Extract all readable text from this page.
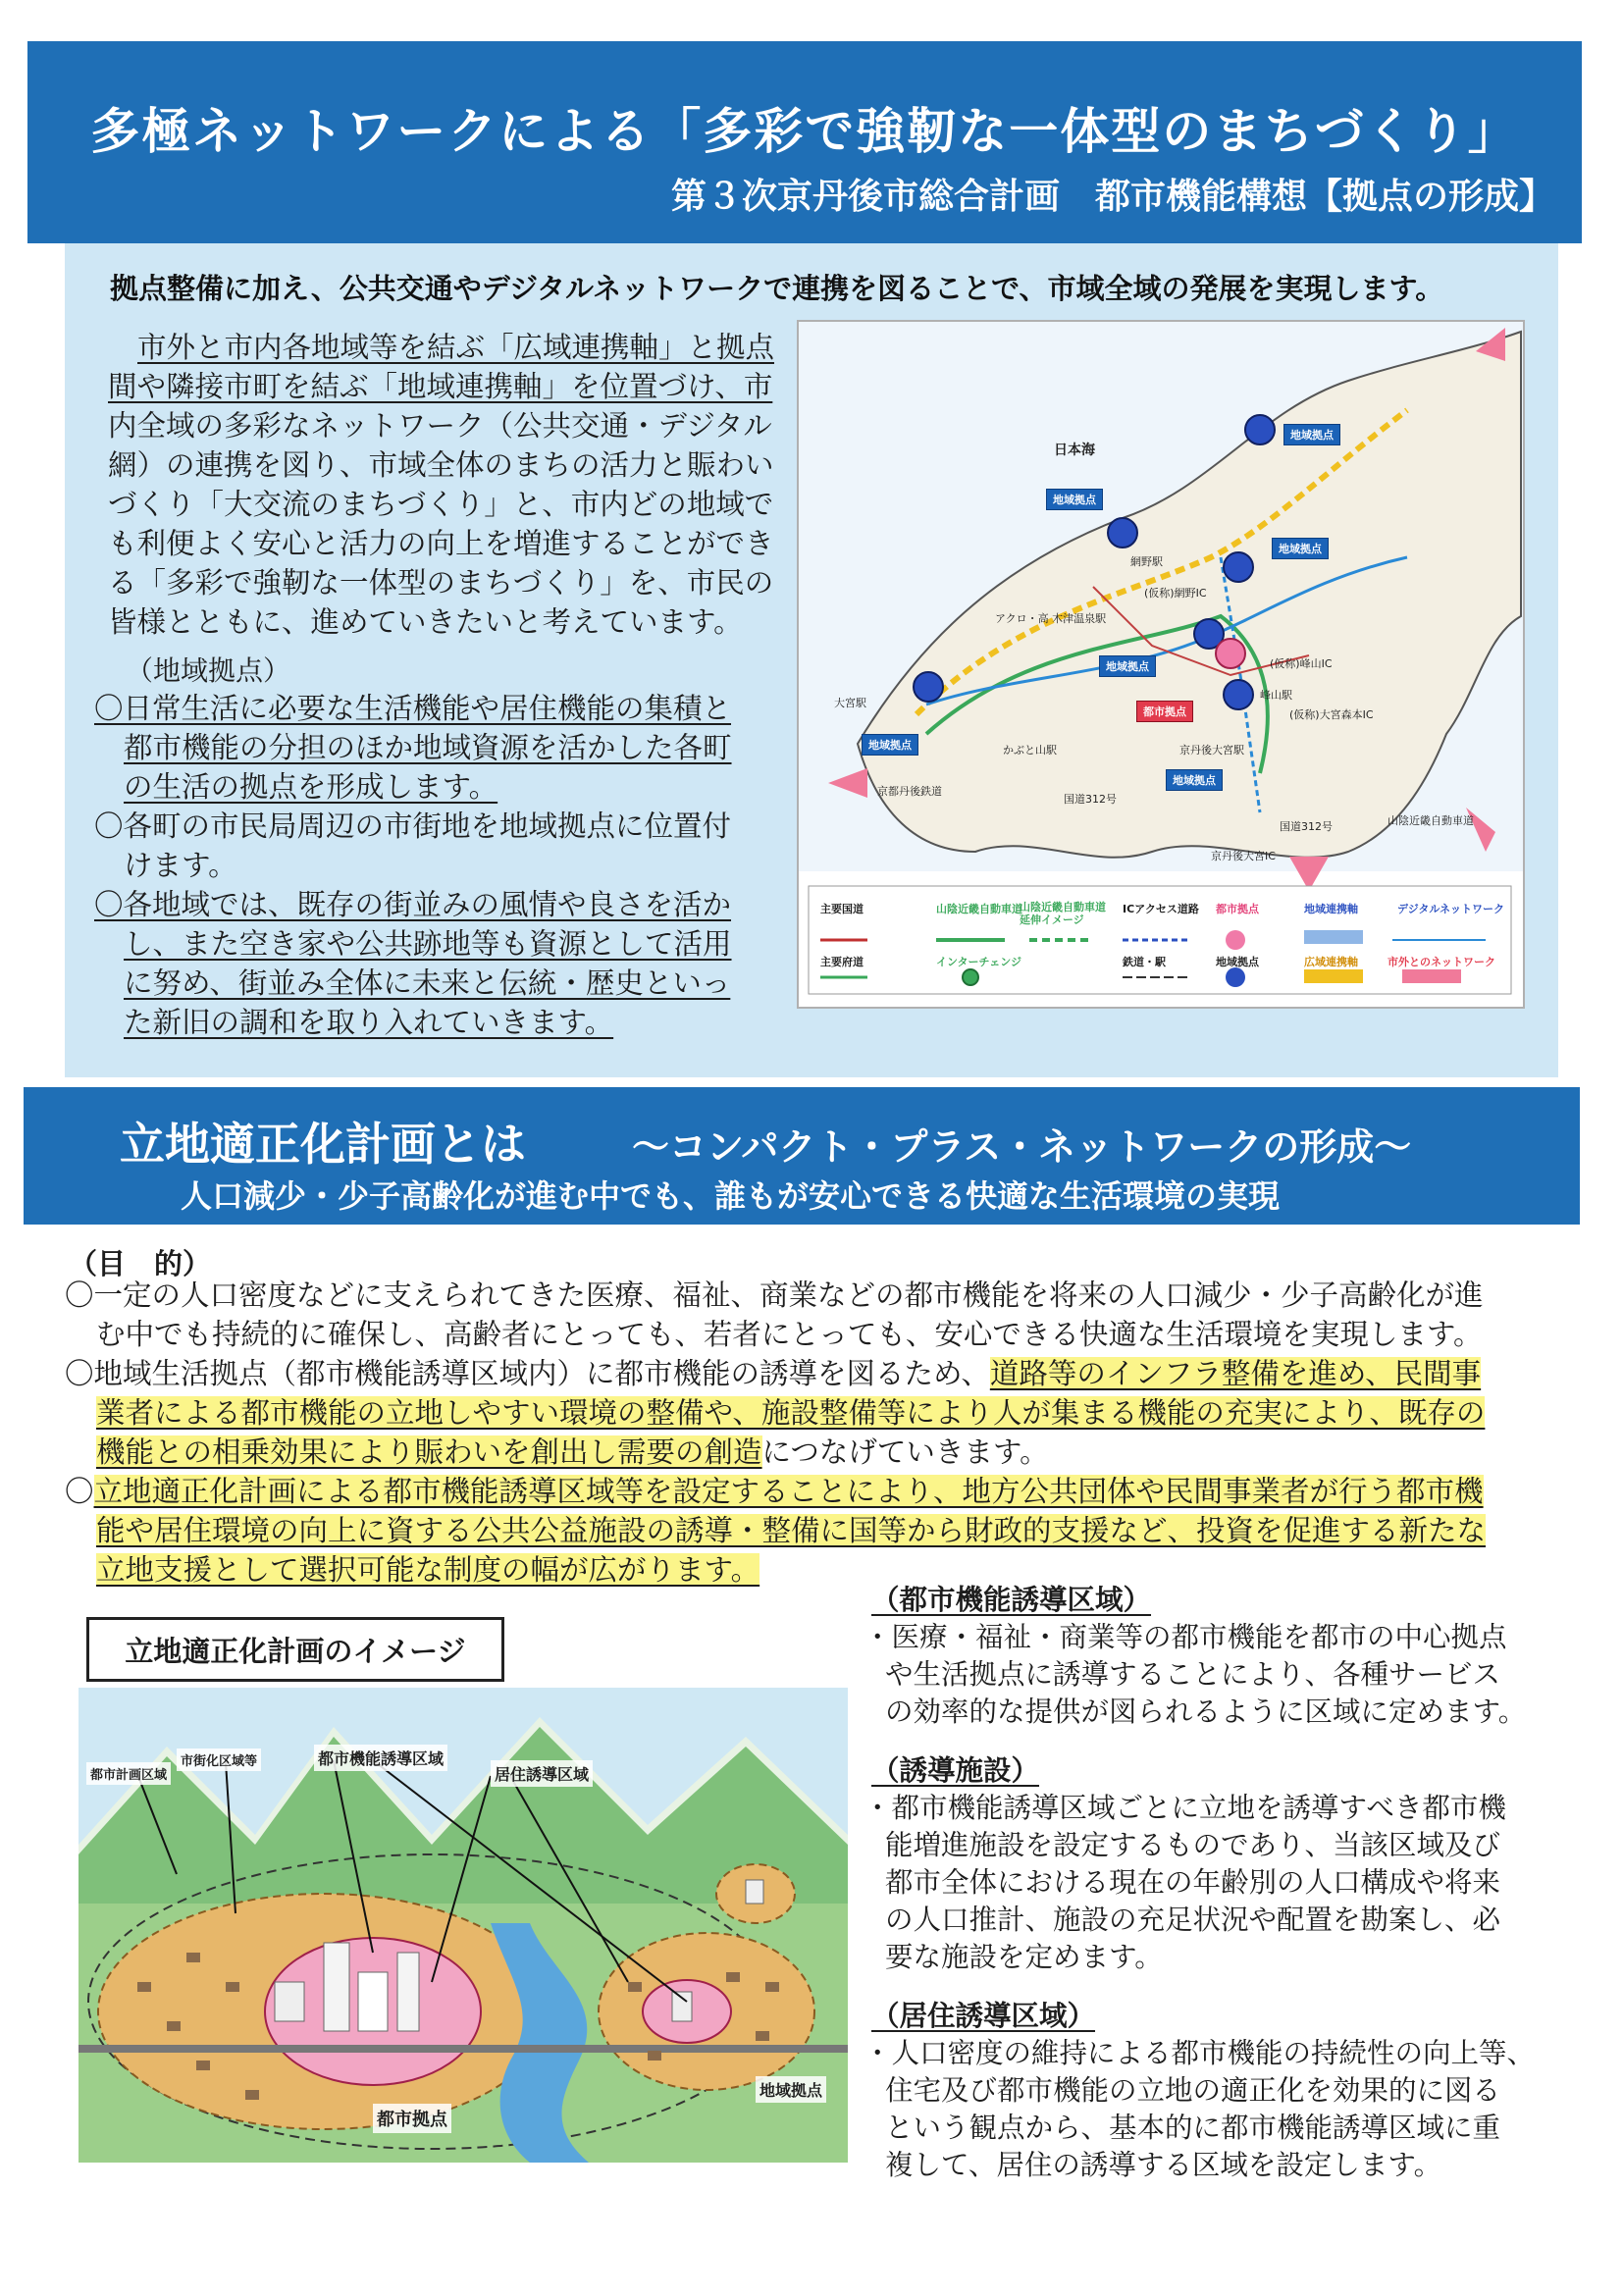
多極ネットワークによる「多彩で強靭な一体型のまちづくり」
第３次京丹後市総合計画　都市機能構想【拠点の形成】
拠点整備に加え、公共交通やデジタルネットワークで連携を図ることで、市域全域の発展を実現します。
市外と市内各地域等を結ぶ「広域連携軸」と拠点
間や隣接市町を結ぶ「地域連携軸」を位置づけ、市
内全域の多彩なネットワーク（公共交通・デジタル
網）の連携を図り、市域全体のまちの活力と賑わい
づくり「大交流のまちづくり」と、市内どの地域で
も利便よく安心と活力の向上を増進することができ
る「多彩で強靭な一体型のまちづくり」を、市民の
皆様とともに、進めていきたいと考えています。
（地域拠点）
〇日常生活に必要な生活機能や居住機能の集積と
都市機能の分担のほか地域資源を活かした各町
の生活の拠点を形成します。
〇各町の市民局周辺の市街地を地域拠点に位置付
けます。
〇各地域では、既存の街並みの風情や良さを活か
し、また空き家や公共跡地等も資源として活用
に努め、街並み全体に未来と伝統・歴史といっ
た新旧の調和を取り入れていきます。
日本海
地域拠点
地域拠点
地域拠点
地域拠点
地域拠点
地域拠点
都市拠点
網野駅
(仮称)網野IC
(仮称)峰山IC
峰山駅
(仮称)大宮森本IC
京丹後大宮駅
かぶと山駅
大宮駅
京都丹後鉄道
アクロ・高 木津温泉駅
国道312号
国道312号	山陰近畿自動車道
京丹後大宮IC
主要国道	山陰近畿自動車道
山陰近畿自動車道 延伸イメージ
ICアクセス道路 都市拠点	地域連携軸	デジタルネットワーク
主要府道	インターチェンジ	鉄道・駅	地域拠点	広域連携軸	市外とのネットワーク
立地適正化計画とは	～コンパクト・プラス・ネットワークの形成～
人口減少・少子高齢化が進む中でも、誰もが安心できる快適な生活環境の実現
（目　的）
〇一定の人口密度などに支えられてきた医療、福祉、商業などの都市機能を将来の人口減少・少子高齢化が進
む中でも持続的に確保し、高齢者にとっても、若者にとっても、安心できる快適な生活環境を実現します。
〇地域生活拠点（都市機能誘導区域内）に都市機能の誘導を図るため、道路等のインフラ整備を進め、民間事
業者による都市機能の立地しやすい環境の整備や、施設整備等により人が集まる機能の充実により、既存の
機能との相乗効果により賑わいを創出し需要の創造につなげていきます。
〇立地適正化計画による都市機能誘導区域等を設定することにより、地方公共団体や民間事業者が行う都市機
能や居住環境の向上に資する公共公益施設の誘導・整備に国等から財政的支援など、投資を促進する新たな
立地支援として選択可能な制度の幅が広がります。
立地適正化計画のイメージ
都市計画区域
市街化区域等	都市機能誘導区域
居住誘導区域
都市拠点
地域拠点
（都市機能誘導区域）
・医療・福祉・商業等の都市機能を都市の中心拠点
や生活拠点に誘導することにより、各種サービス
の効率的な提供が図られるように区域に定めます。
（誘導施設）
・都市機能誘導区域ごとに立地を誘導すべき都市機
能増進施設を設定するものであり、当該区域及び
都市全体における現在の年齢別の人口構成や将来
の人口推計、施設の充足状況や配置を勘案し、必
要な施設を定めます。
（居住誘導区域）
・人口密度の維持による都市機能の持続性の向上等、
住宅及び都市機能の立地の適正化を効果的に図る
という観点から、基本的に都市機能誘導区域に重
複して、居住の誘導する区域を設定します。
